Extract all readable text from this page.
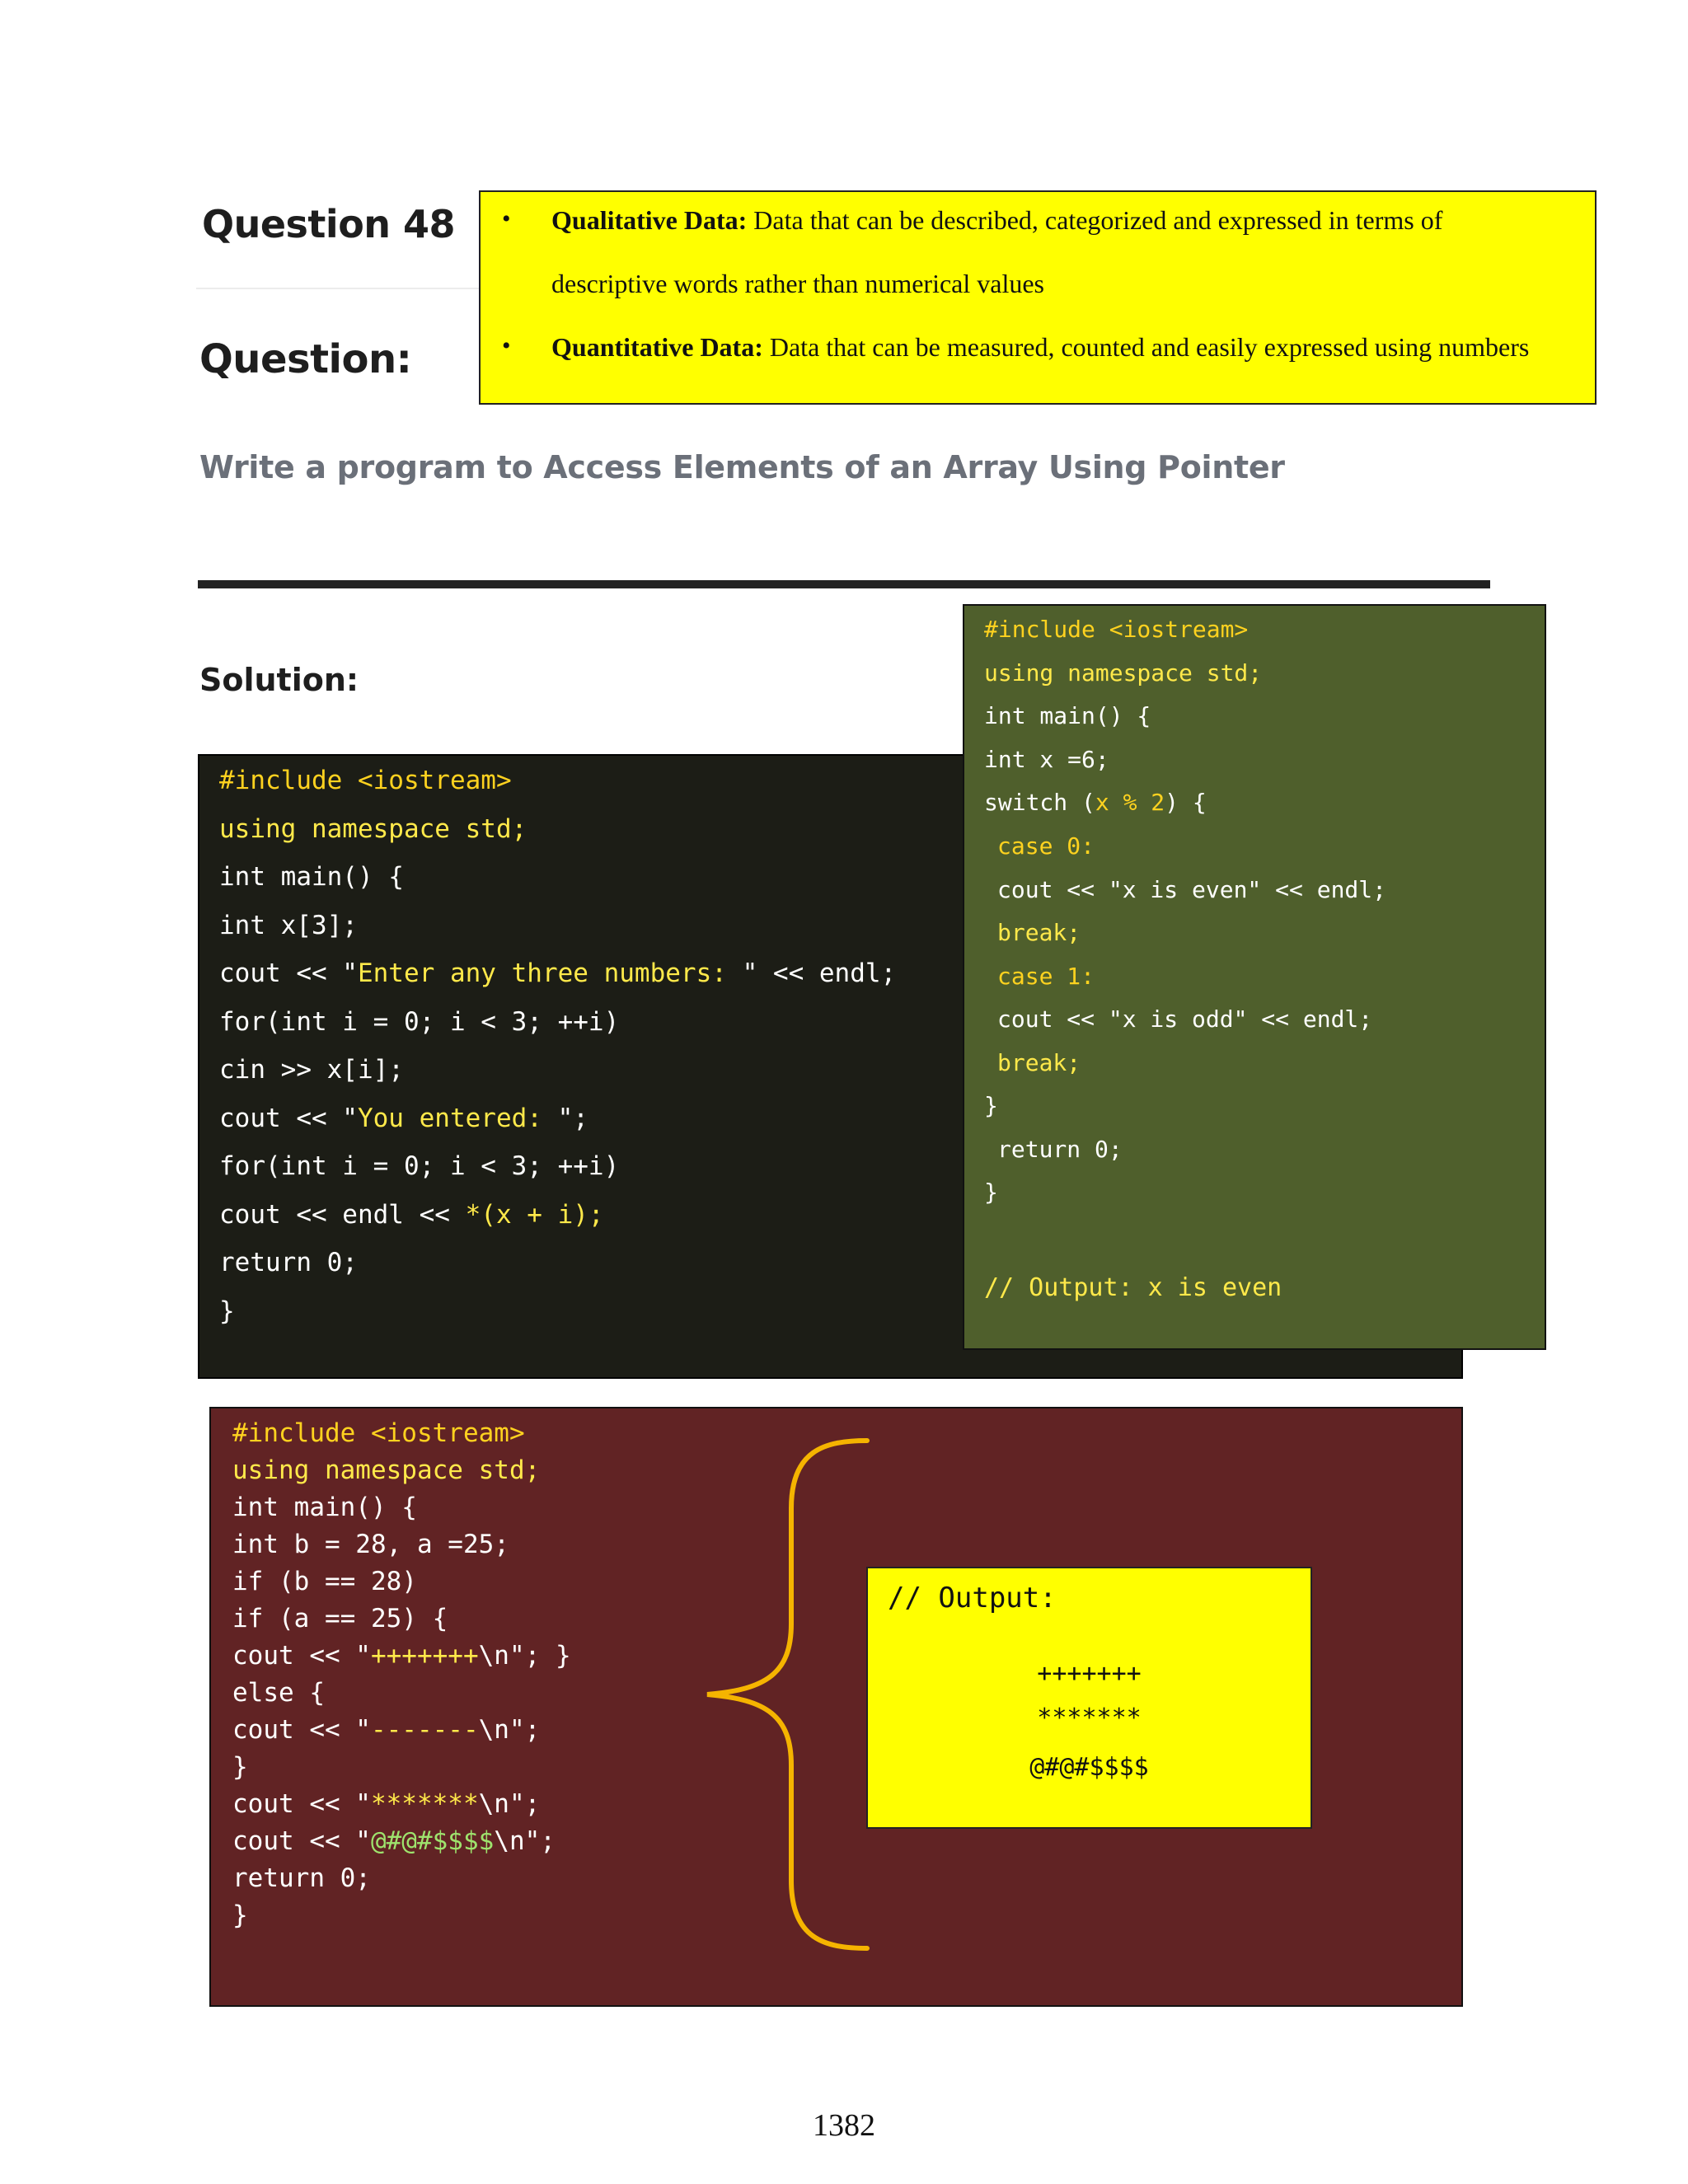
Question 48
Question:
Write a program to Access Elements of an Array Using Pointer
Solution:
• Qualitative Data: Data that can be described, categorized and expressed in terms of
descriptive words rather than numerical values
• Quantitative Data: Data that can be measured, counted and easily expressed using numbers

#include <iostream>

using namespace std;

int main() {

int x[3];

cout << "Enter any three numbers: " << endl;

for(int i = 0; i < 3; ++i)

cin >> x[i];

cout << "You entered: ";

for(int i = 0; i < 3; ++i)

cout << endl << *(x + i);

return 0;

}

#include <iostream>

using namespace std;

int main() {

int x =6;

switch (x % 2) {

case 0:

cout << "x is even" << endl;

break;

case 1:

cout << "x is odd" << endl;

break;

}

return 0;

}

// Output: x is even

#include <iostream>

using namespace std;

int main() {

int b = 28, a =25;

if (b == 28)

if (a == 25) {

cout << "+++++++\n"; }

else {

cout << "-------\n";

}

cout << "*******\n";

cout << "@#@#$$$$\n";

return 0;

}

// Output:

+++++++

*******

@#@#$$$$

1382
